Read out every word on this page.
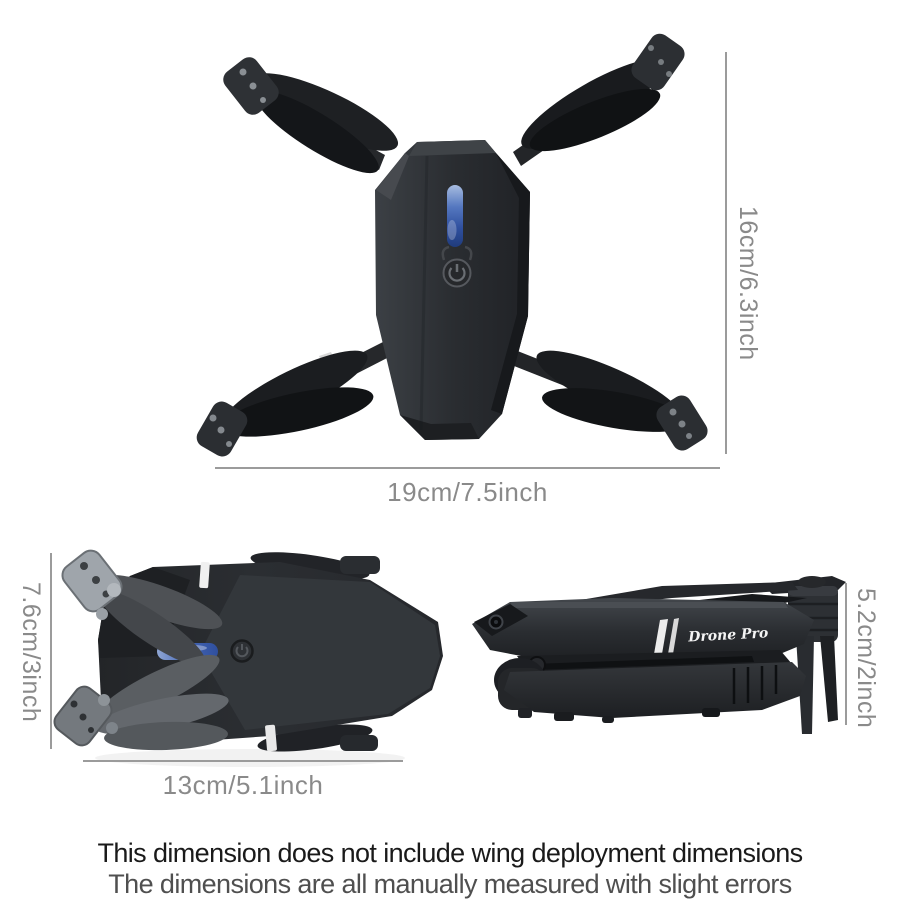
19cm/7.5inch
16cm/6.3inch
7.6cm/3inch
13cm/5.1inch
Drone Pro	5.2cm/2inch
This dimension does not include wing deployment dimensions
The dimensions are all manually measured with slight errors
